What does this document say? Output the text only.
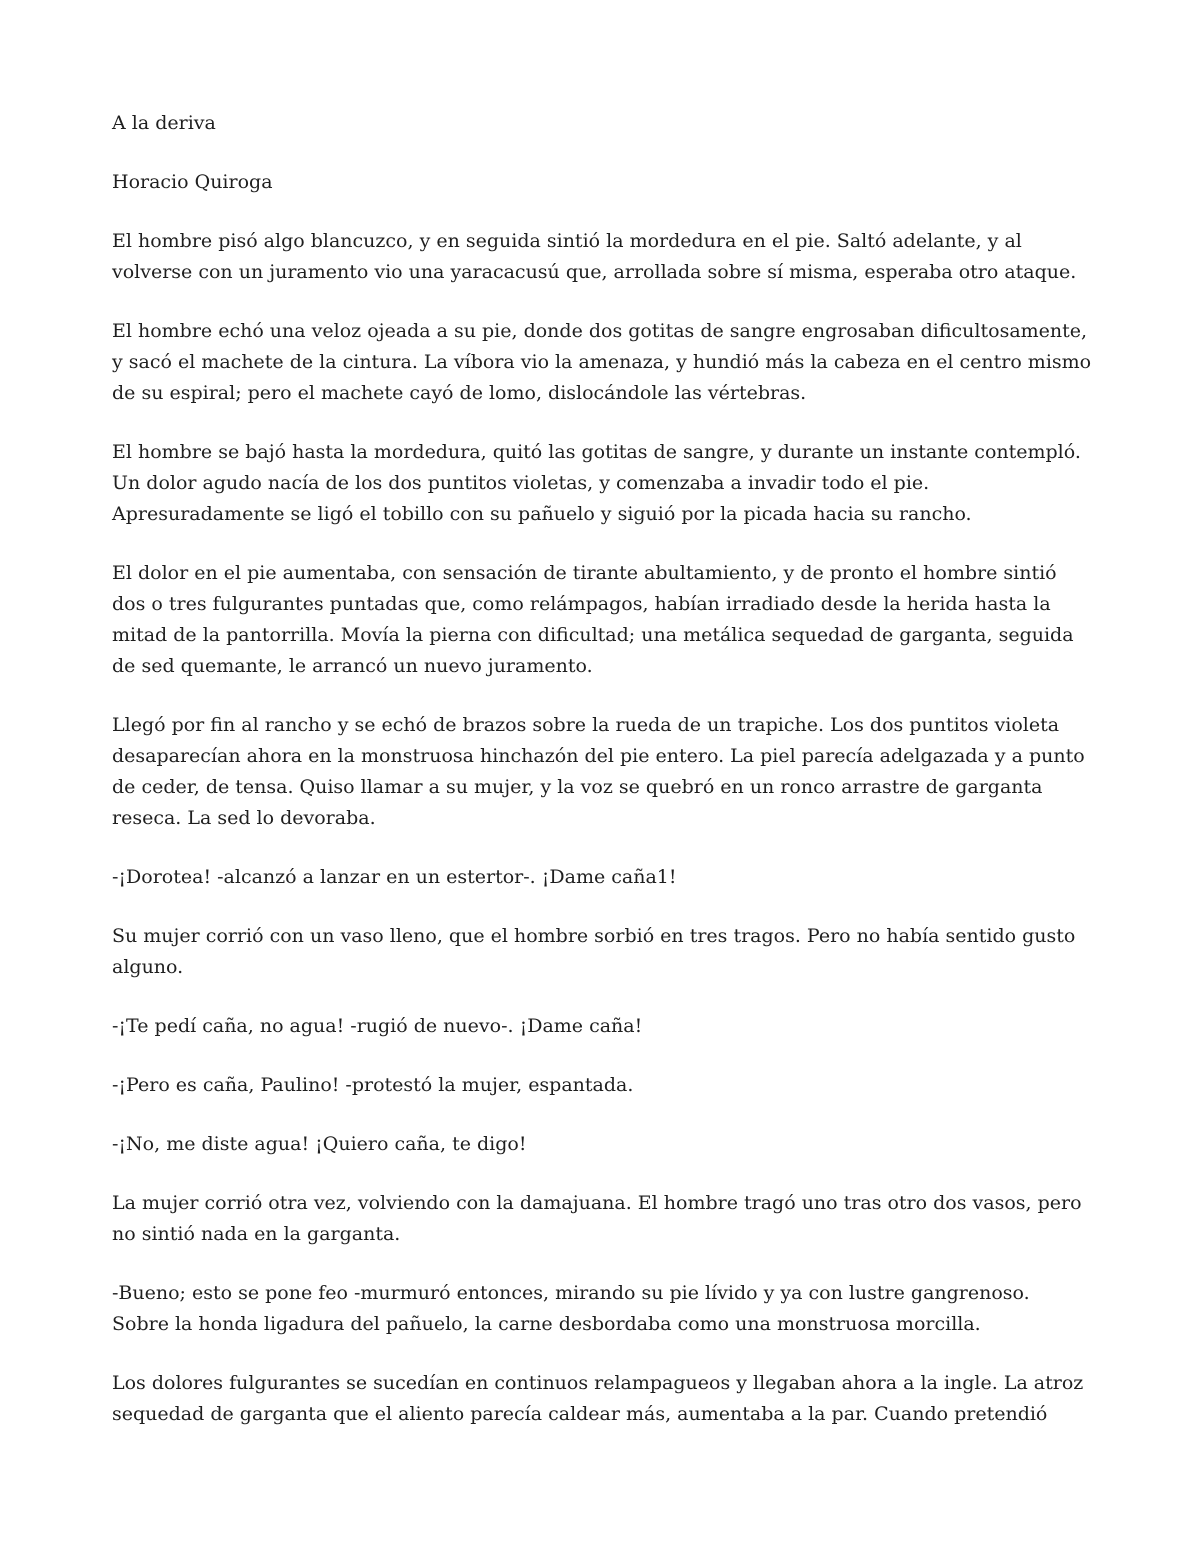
A la deriva

Horacio Quiroga

El hombre pisó algo blancuzco, y en seguida sintió la mordedura en el pie. Saltó adelante, y al volverse con un juramento vio una yaracacusú que, arrollada sobre sí misma, esperaba otro ataque.

El hombre echó una veloz ojeada a su pie, donde dos gotitas de sangre engrosaban dificultosamente, y sacó el machete de la cintura. La víbora vio la amenaza, y hundió más la cabeza en el centro mismo de su espiral; pero el machete cayó de lomo, dislocándole las vértebras.

El hombre se bajó hasta la mordedura, quitó las gotitas de sangre, y durante un instante contempló. Un dolor agudo nacía de los dos puntitos violetas, y comenzaba a invadir todo el pie. Apresuradamente se ligó el tobillo con su pañuelo y siguió por la picada hacia su rancho.

El dolor en el pie aumentaba, con sensación de tirante abultamiento, y de pronto el hombre sintió dos o tres fulgurantes puntadas que, como relámpagos, habían irradiado desde la herida hasta la mitad de la pantorrilla. Movía la pierna con dificultad; una metálica sequedad de garganta, seguida de sed quemante, le arrancó un nuevo juramento.

Llegó por fin al rancho y se echó de brazos sobre la rueda de un trapiche. Los dos puntitos violeta desaparecían ahora en la monstruosa hinchazón del pie entero. La piel parecía adelgazada y a punto de ceder, de tensa. Quiso llamar a su mujer, y la voz se quebró en un ronco arrastre de garganta reseca. La sed lo devoraba.

-¡Dorotea! -alcanzó a lanzar en un estertor-. ¡Dame caña1!

Su mujer corrió con un vaso lleno, que el hombre sorbió en tres tragos. Pero no había sentido gusto alguno.

-¡Te pedí caña, no agua! -rugió de nuevo-. ¡Dame caña!

-¡Pero es caña, Paulino! -protestó la mujer, espantada.

-¡No, me diste agua! ¡Quiero caña, te digo!

La mujer corrió otra vez, volviendo con la damajuana. El hombre tragó uno tras otro dos vasos, pero no sintió nada en la garganta.

-Bueno; esto se pone feo -murmuró entonces, mirando su pie lívido y ya con lustre gangrenoso. Sobre la honda ligadura del pañuelo, la carne desbordaba como una monstruosa morcilla.

Los dolores fulgurantes se sucedían en continuos relampagueos y llegaban ahora a la ingle. La atroz sequedad de garganta que el aliento parecía caldear más, aumentaba a la par. Cuando pretendió
